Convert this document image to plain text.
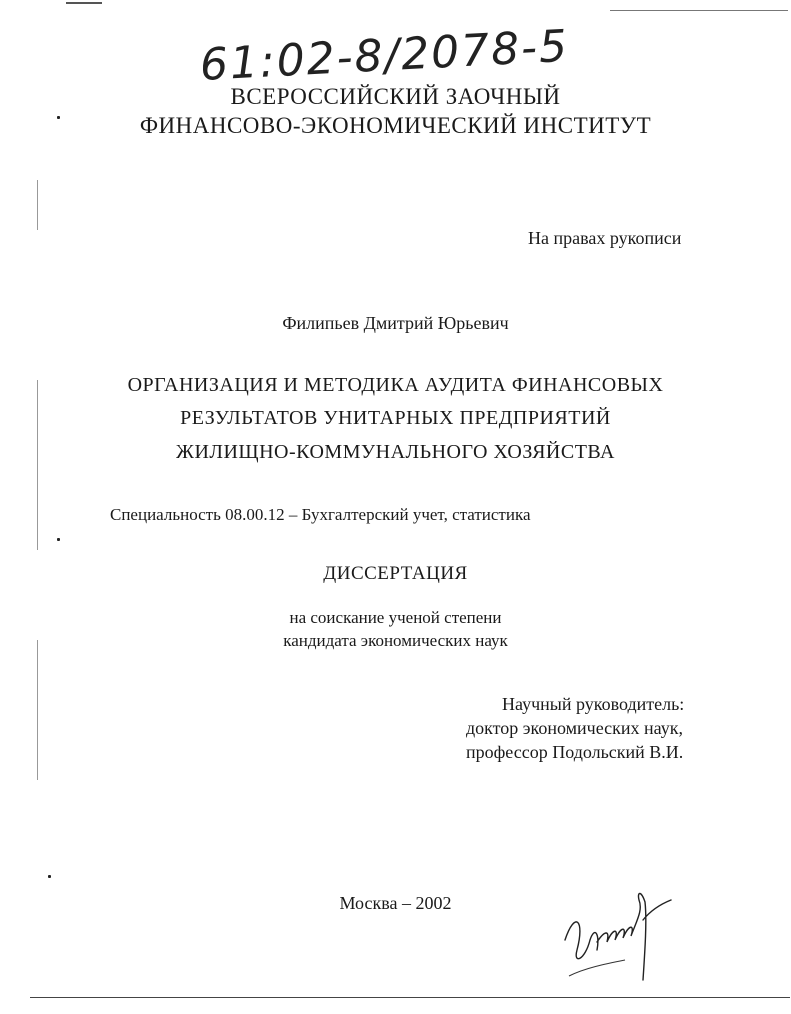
61:02-8/2078-5
ВСЕРОССИЙСКИЙ ЗАОЧНЫЙ
ФИНАНСОВО-ЭКОНОМИЧЕСКИЙ ИНСТИТУТ
На правах рукописи
Филипьев Дмитрий Юрьевич
ОРГАНИЗАЦИЯ И МЕТОДИКА АУДИТА ФИНАНСОВЫХ
РЕЗУЛЬТАТОВ УНИТАРНЫХ ПРЕДПРИЯТИЙ
ЖИЛИЩНО-КОММУНАЛЬНОГО ХОЗЯЙСТВА
Специальность 08.00.12 – Бухгалтерский учет, статистика
ДИССЕРТАЦИЯ
на соискание ученой степени
кандидата экономических наук
Научный руководитель:
доктор экономических наук,
профессор Подольский В.И.
Москва – 2002
